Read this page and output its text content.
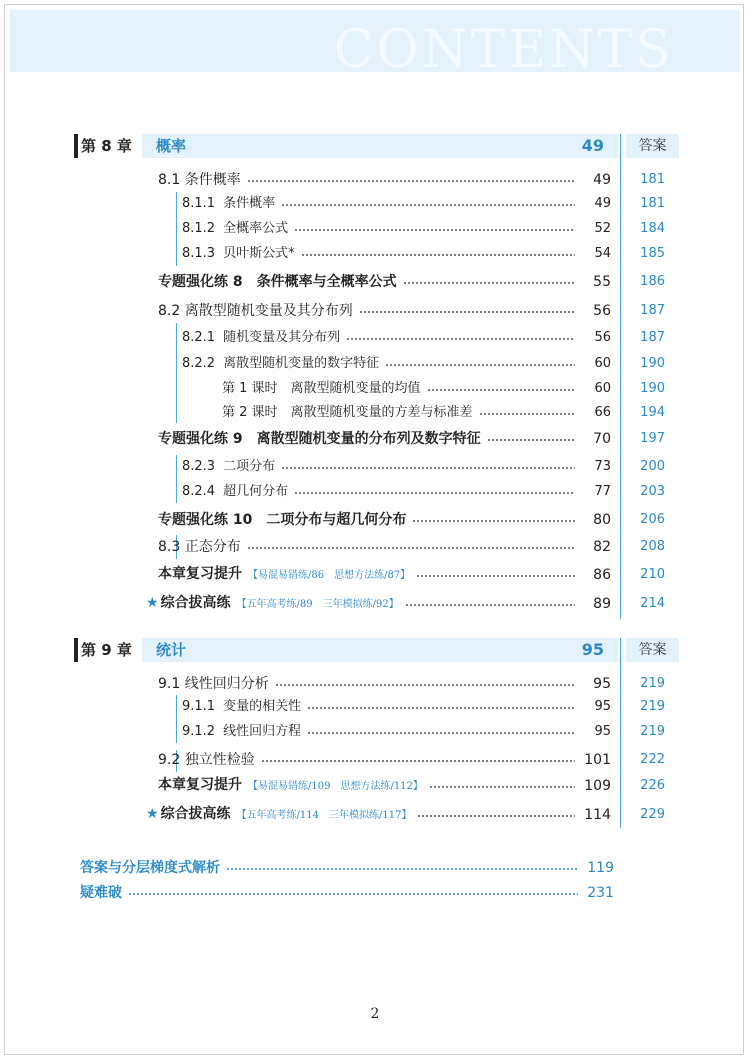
CONTENTS
第 8 章	概率	49	答案
8.1 条件概率	49	181
8.1.1 条件概率	49	181
8.1.2 全概率公式	52	184
8.1.3 贝叶斯公式*	54	185
专题强化练 8　条件概率与全概率公式	55	186
8.2 离散型随机变量及其分布列	56	187
8.2.1 随机变量及其分布列	56	187
8.2.2 离散型随机变量的数字特征	60	190
第 1 课时　离散型随机变量的均值	60	190
第 2 课时　离散型随机变量的方差与标准差	66	194
专题强化练 9　离散型随机变量的分布列及数字特征	70	197
8.2.3 二项分布	73	200
8.2.4 超几何分布	77	203
专题强化练 10　二项分布与超几何分布	80	206
8.3 正态分布	82	208
本章复习提升 【易混易错练/86　思想方法练/87】	86	210
★ 综合拔高练 【五年高考练/89　三年模拟练/92】	89	214
第 9 章	统计	95	答案
9.1 线性回归分析	95	219
9.1.1 变量的相关性	95	219
9.1.2 线性回归方程	95	219
9.2 独立性检验	101	222
本章复习提升 【易混易错练/109　思想方法练/112】	109	226
★ 综合拔高练 【五年高考练/114　三年模拟练/117】	114	229
答案与分层梯度式解析	119
疑难破	231
2
